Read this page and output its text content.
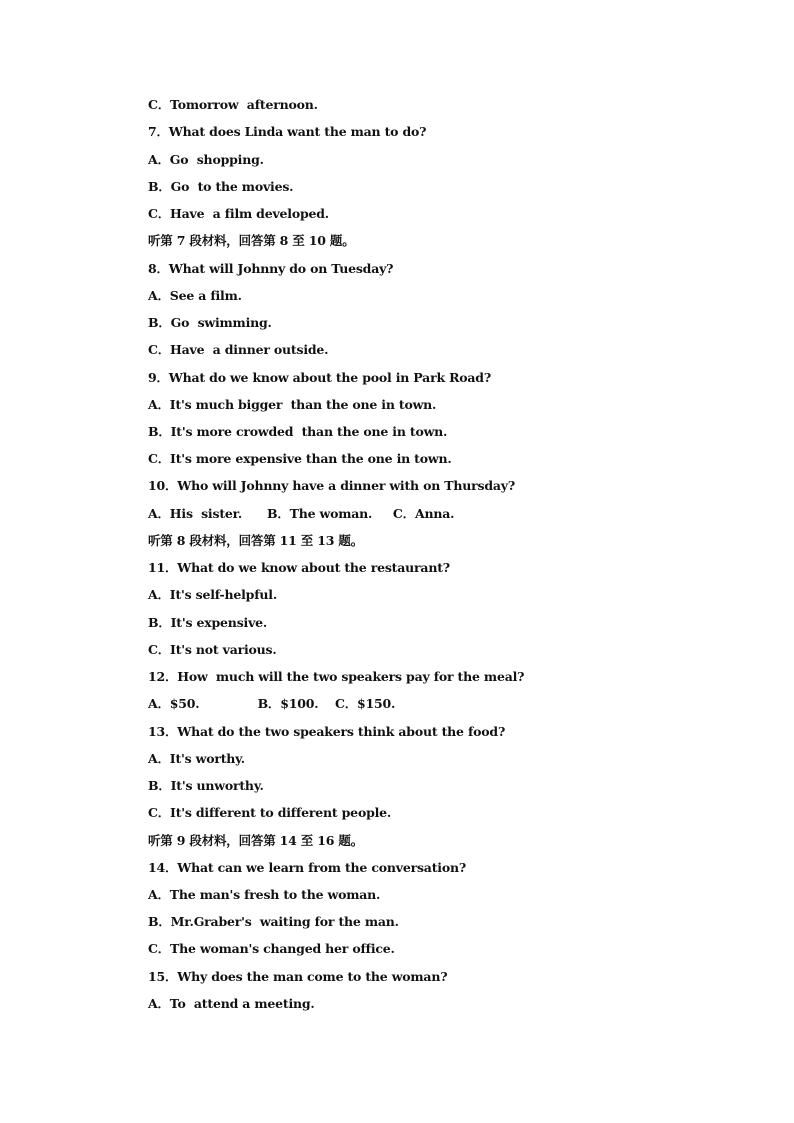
C．Tomorrow  afternoon.
7．What does Linda want the man to do?
A．Go  shopping.
B．Go  to the movies.
C．Have  a film developed.
听第 7 段材料，回答第 8 至 10 题。
8．What will Johnny do on Tuesday?
A．See a film.
B．Go  swimming.
C．Have  a dinner outside.
9．What do we know about the pool in Park Road?
A．It's much bigger  than the one in town.
B．It's more crowded  than the one in town.
C．It's more expensive than the one in town.
10．Who will Johnny have a dinner with on Thursday?
A．His  sister.      B．The woman.     C．Anna.
听第 8 段材料，回答第 11 至 13 题。
11．What do we know about the restaurant?
A．It's self-helpful.
B．It's expensive.
C．It's not various.
12．How  much will the two speakers pay for the meal?
A．$50.              B．$100.    C．$150.
13．What do the two speakers think about the food?
A．It's worthy.
B．It's unworthy.
C．It's different to different people.
听第 9 段材料，回答第 14 至 16 题。
14．What can we learn from the conversation?
A．The man's fresh to the woman.
B．Mr.Graber's  waiting for the man.
C．The woman's changed her office.
15．Why does the man come to the woman?
A．To  attend a meeting.
